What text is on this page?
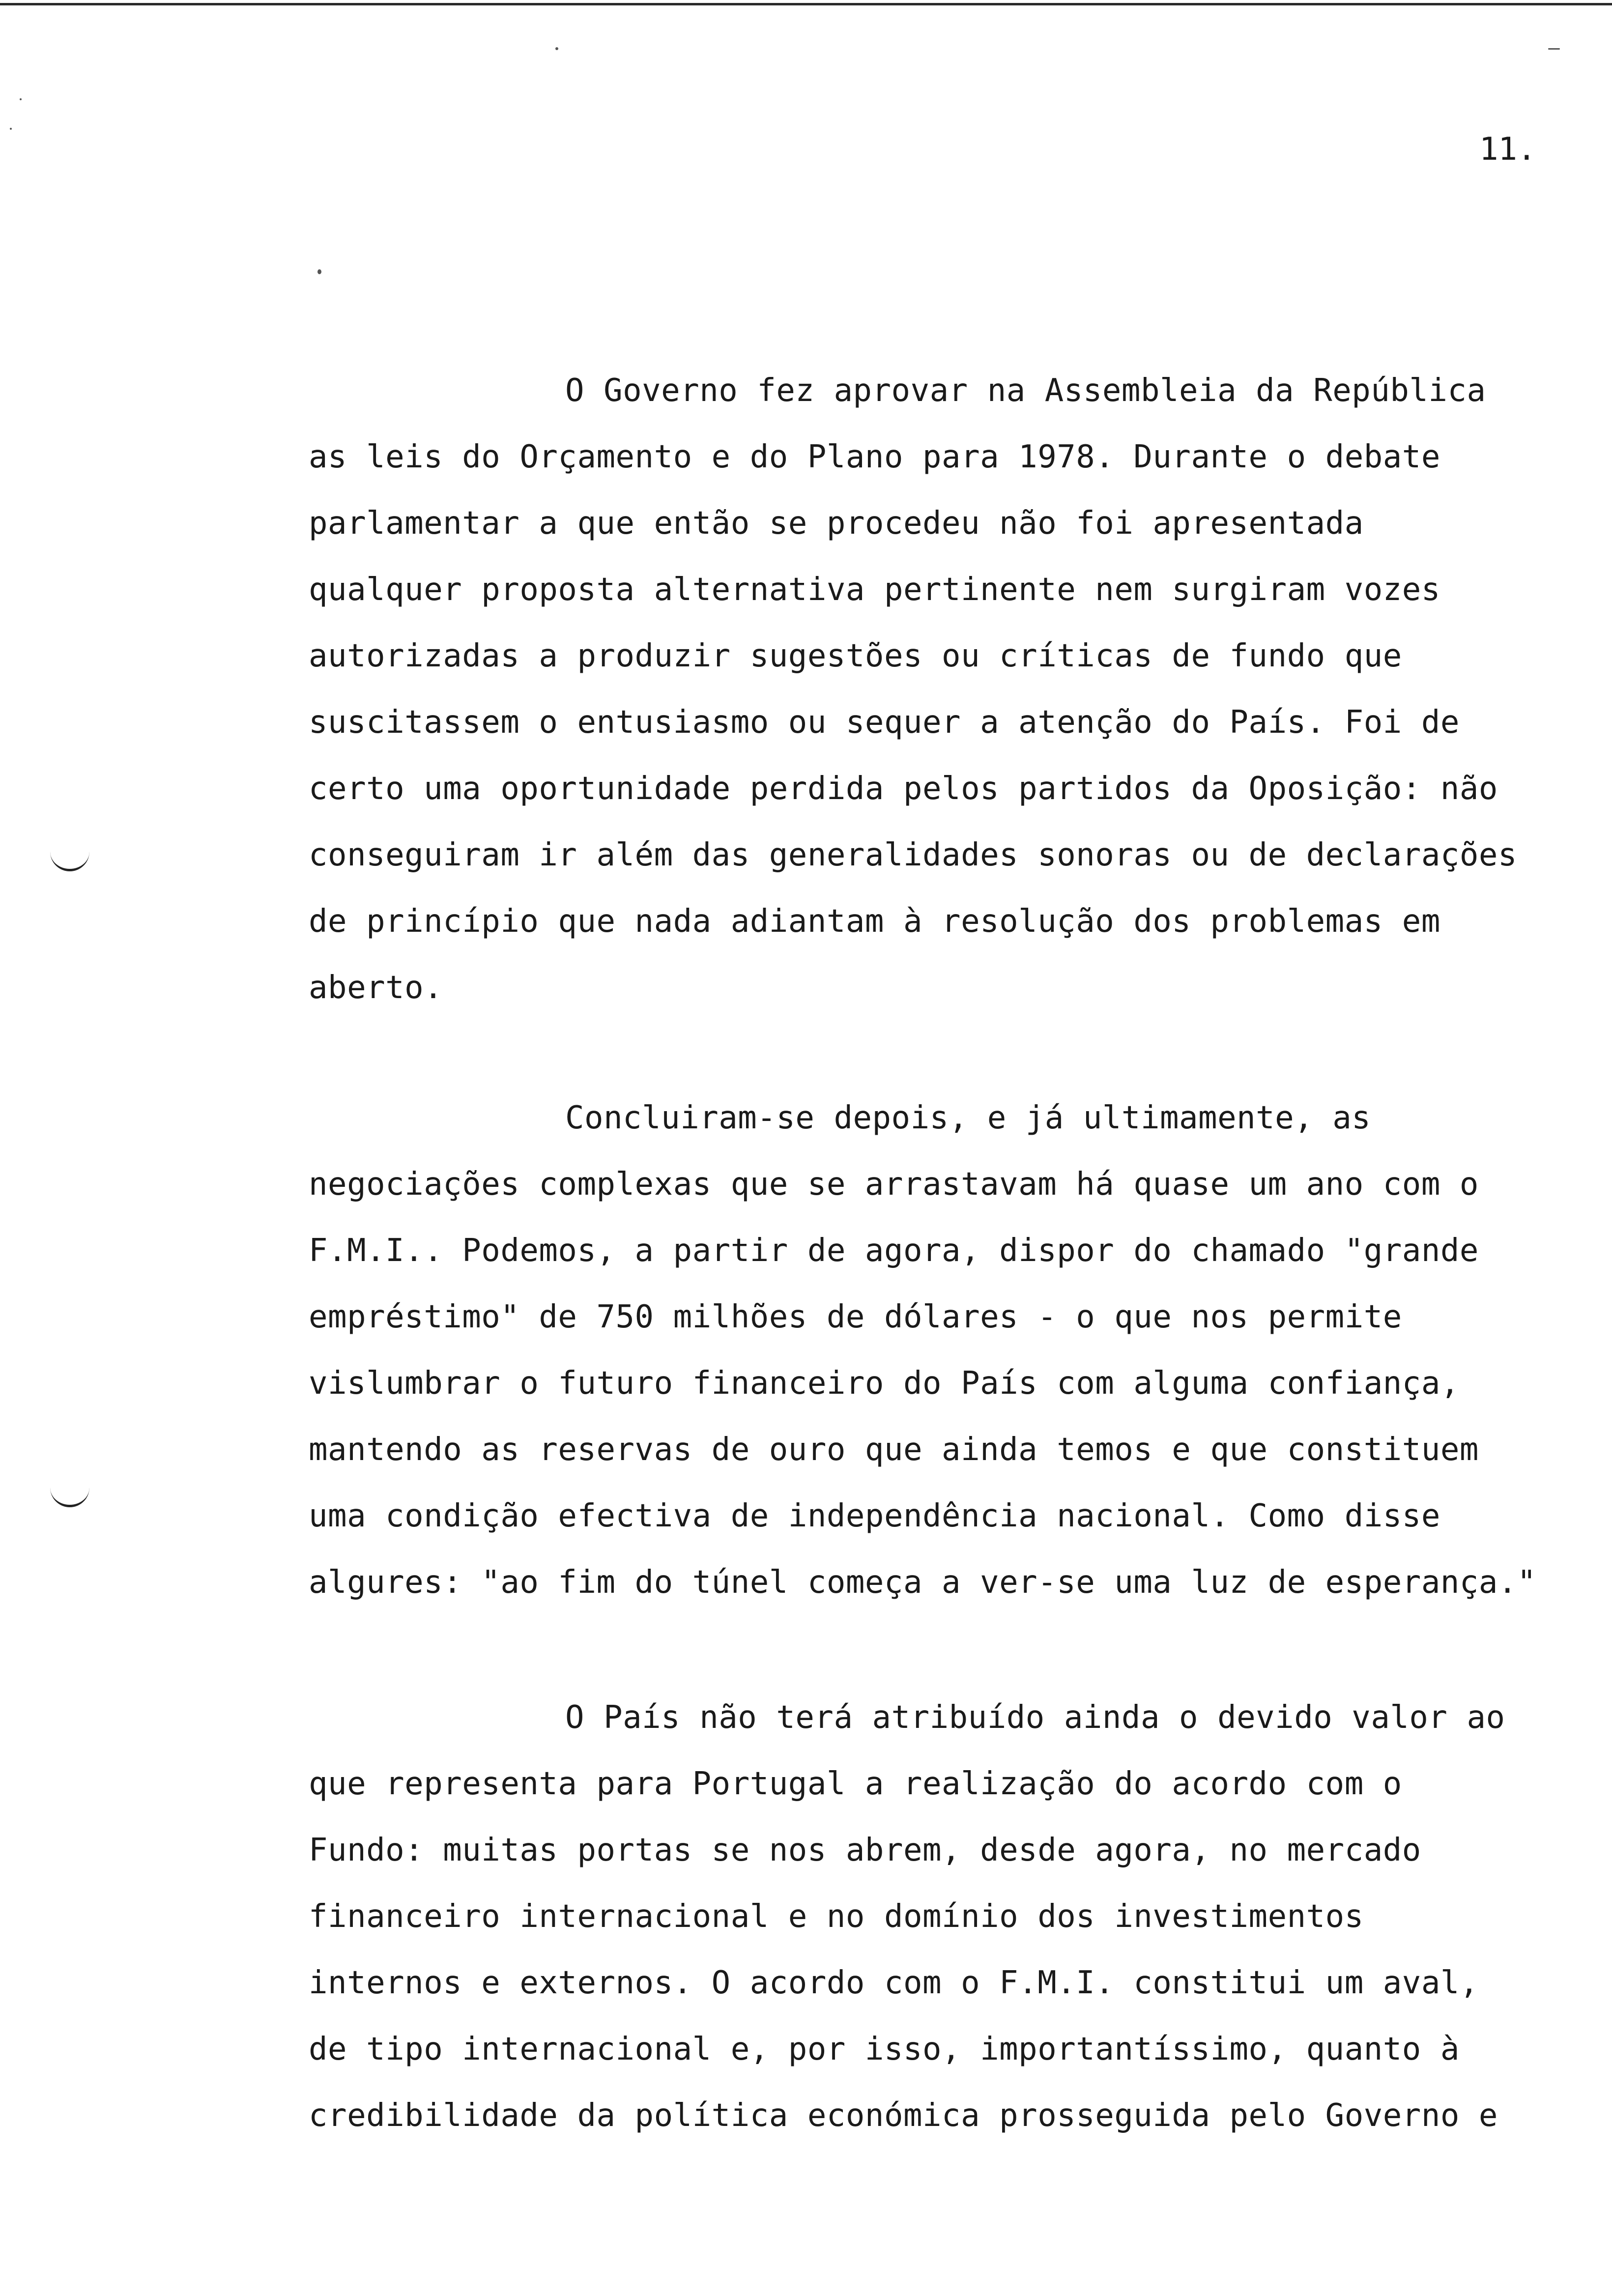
11.
O Governo fez aprovar na Assembleia da República
as leis do Orçamento e do Plano para 1978. Durante o debate
parlamentar a que então se procedeu não foi apresentada
qualquer proposta alternativa pertinente nem surgiram vozes
autorizadas a produzir sugestões ou críticas de fundo que
suscitassem o entusiasmo ou sequer a atenção do País. Foi de
certo uma oportunidade perdida pelos partidos da Oposição: não
conseguiram ir além das generalidades sonoras ou de declarações
de princípio que nada adiantam à resolução dos problemas em
aberto.
Concluiram-se depois, e já ultimamente, as
negociações complexas que se arrastavam há quase um ano com o
F.M.I.. Podemos, a partir de agora, dispor do chamado "grande
empréstimo" de 750 milhões de dólares - o que nos permite
vislumbrar o futuro financeiro do País com alguma confiança,
mantendo as reservas de ouro que ainda temos e que constituem
uma condição efectiva de independência nacional. Como disse
algures: "ao fim do túnel começa a ver-se uma luz de esperança."
O País não terá atribuído ainda o devido valor ao
que representa para Portugal a realização do acordo com o
Fundo: muitas portas se nos abrem, desde agora, no mercado
financeiro internacional e no domínio dos investimentos
internos e externos. O acordo com o F.M.I. constitui um aval,
de tipo internacional e, por isso, importantíssimo, quanto à
credibilidade da política económica prosseguida pelo Governo e
